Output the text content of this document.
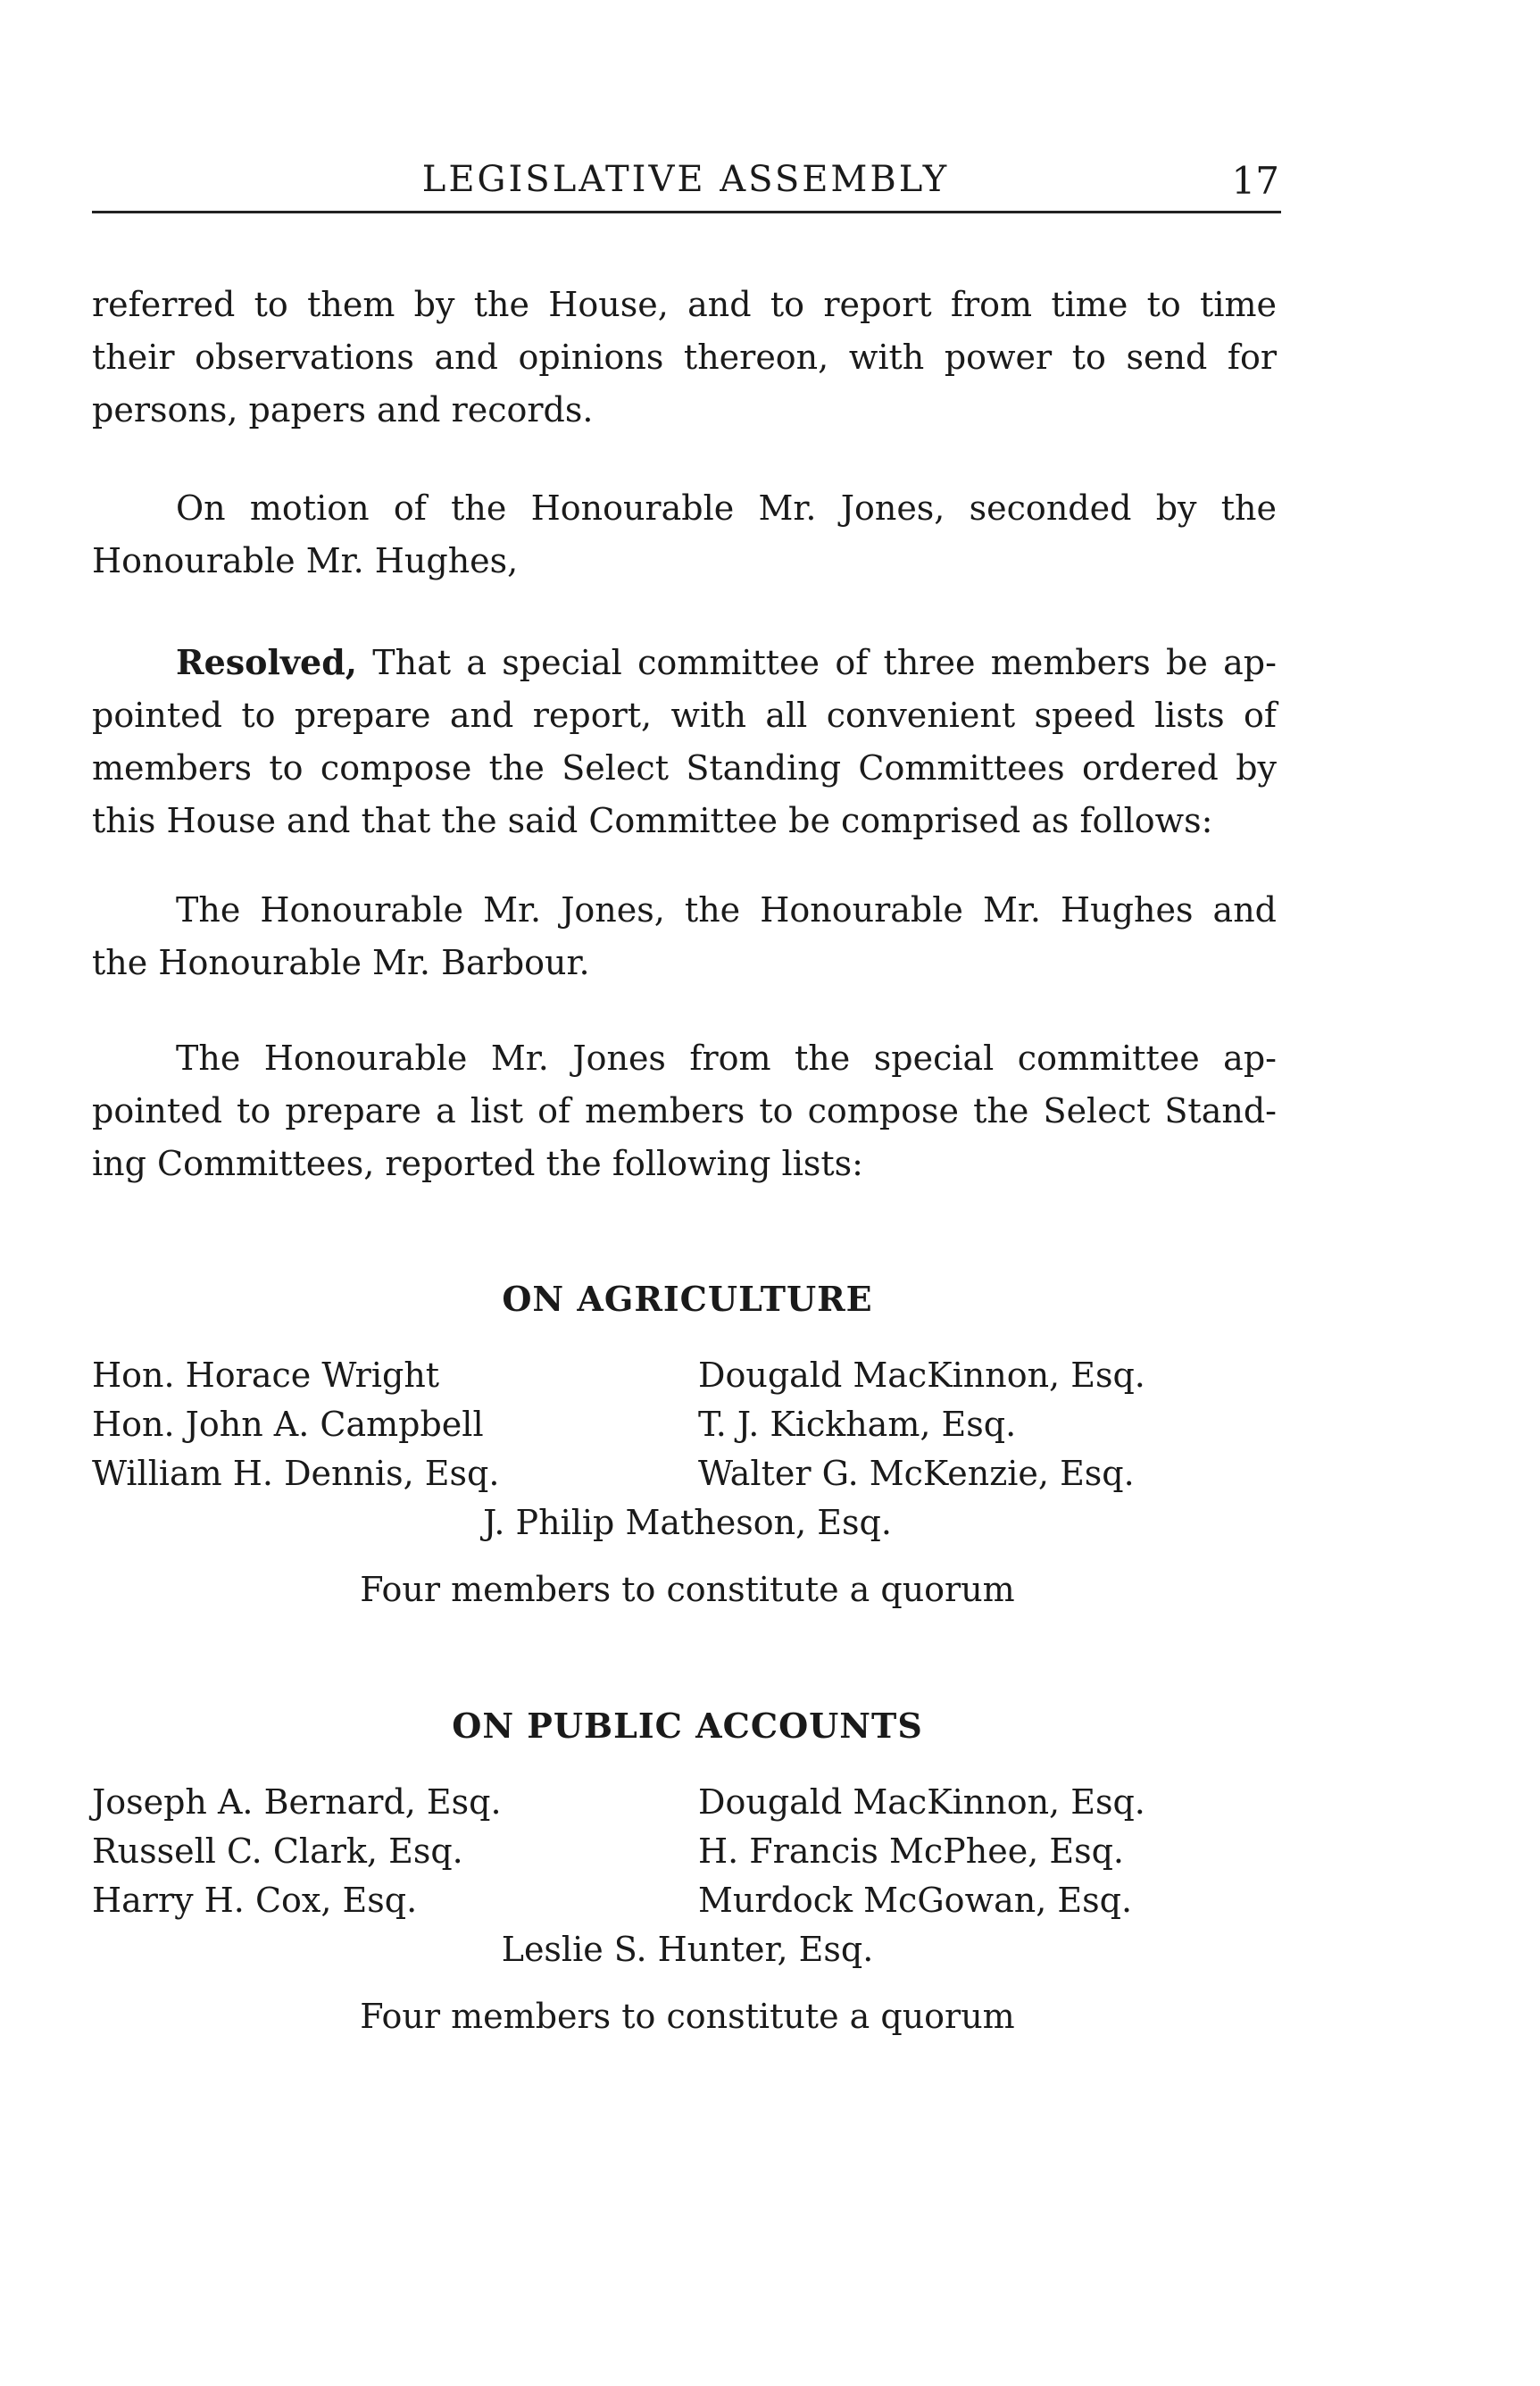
LEGISLATIVE ASSEMBLY	17
referred to them by the House, and to report from time to time
their observations and opinions thereon, with power to send for
persons, papers and records.
On motion of the Honourable Mr. Jones, seconded by the
Honourable Mr. Hughes,
Resolved, That a special committee of three members be ap-
pointed to prepare and report, with all convenient speed lists of
members to compose the Select Standing Committees ordered by
this House and that the said Committee be comprised as follows:
The Honourable Mr. Jones, the Honourable Mr. Hughes and
the Honourable Mr. Barbour.
The Honourable Mr. Jones from the special committee ap-
pointed to prepare a list of members to compose the Select Stand-
ing Committees, reported the following lists:
ON AGRICULTURE
Hon. Horace Wright
Hon. John A. Campbell
William H. Dennis, Esq.
Dougald MacKinnon, Esq.
T. J. Kickham, Esq.
Walter G. McKenzie, Esq.
J. Philip Matheson, Esq.
Four members to constitute a quorum
ON PUBLIC ACCOUNTS
Joseph A. Bernard, Esq.
Russell C. Clark, Esq.
Harry H. Cox, Esq.
Dougald MacKinnon, Esq.
H. Francis McPhee, Esq.
Murdock McGowan, Esq.
Leslie S. Hunter, Esq.
Four members to constitute a quorum
